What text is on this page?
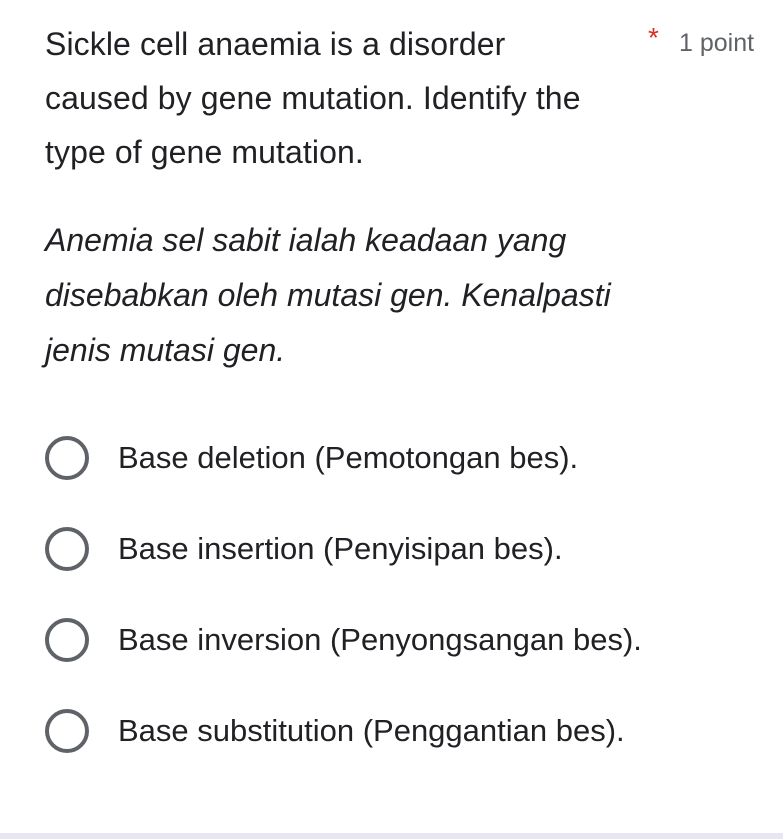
Sickle cell anaemia is a disorder caused by gene mutation. Identify the type of gene mutation.

* 1 point

Anemia sel sabit ialah keadaan yang disebabkan oleh mutasi gen. Kenalpasti jenis mutasi gen.

Base deletion (Pemotongan bes).
Base insertion (Penyisipan bes).
Base inversion (Penyongsangan bes).
Base substitution (Penggantian bes).
